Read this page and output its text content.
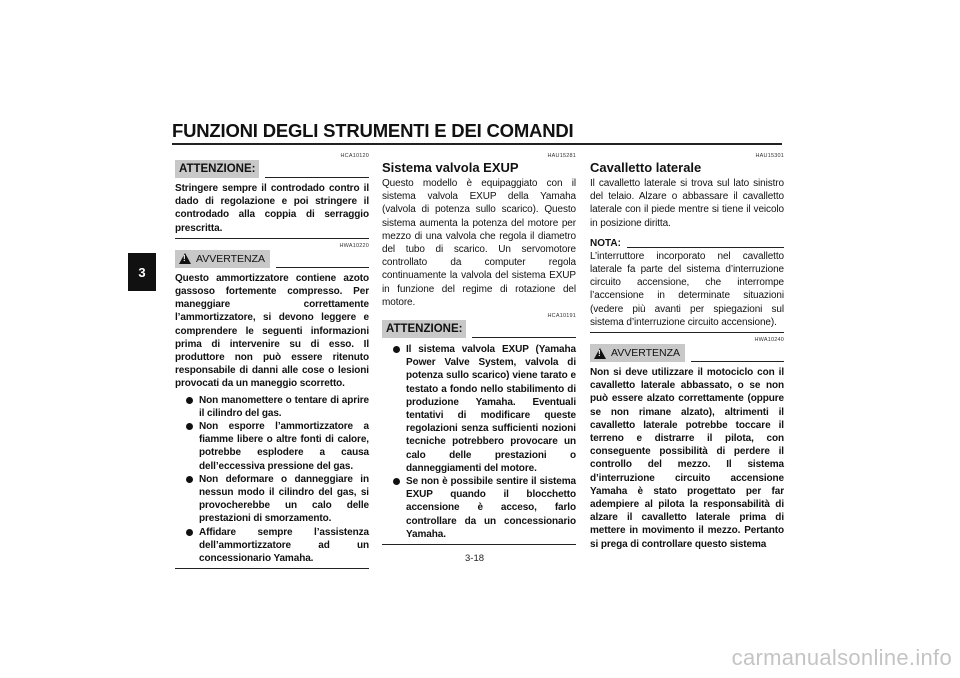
FUNZIONI DEGLI STRUMENTI E DEI COMANDI
3
HCA10120
ATTENZIONE:

Stringere sempre il controdado contro il dado di regolazione e poi stringere il controdado alla coppia di serraggio prescritta.

HWA10220
!
AVVERTENZA

Questo ammortizzatore contiene azoto gassoso fortemente compresso. Per maneggiare correttamente l’ammortizzatore, si devono leggere e comprendere le seguenti informazioni prima di intervenire su di esso. Il produttore non può essere ritenuto responsabile di danni alle cose o lesioni provocati da un maneggio scorretto.

Non manomettere o tentare di aprire il cilindro del gas.
Non esporre l’ammortizzatore a fiamme libere o altre fonti di calore, potrebbe esplodere a causa dell’eccessiva pressione del gas.
Non deformare o danneggiare in nessun modo il cilindro del gas, si provocherebbe un calo delle prestazioni di smorzamento.
Affidare sempre l’assistenza dell’ammortizzatore ad un concessionario Yamaha.
HAU15281
Sistema valvola EXUP

Questo modello è equipaggiato con il sistema valvola EXUP della Yamaha (valvola di potenza sullo scarico). Questo sistema aumenta la potenza del motore per mezzo di una valvola che regola il diametro del tubo di scarico. Un servomotore controllato da computer regola continuamente la valvola del sistema EXUP in funzione del regime di rotazione del motore.

HCA10191
ATTENZIONE:
Il sistema valvola EXUP (Yamaha Power Valve System, valvola di potenza sullo scarico) viene tarato e testato a fondo nello stabilimento di produzione Yamaha. Eventuali tentativi di modificare queste regolazioni senza sufficienti nozioni tecniche potrebbero provocare un calo delle prestazioni o danneggiamenti del motore.
Se non è possibile sentire il sistema EXUP quando il blocchetto accensione è acceso, farlo controllare da un concessionario Yamaha.
HAU15301
Cavalletto laterale

Il cavalletto laterale si trova sul lato sinistro del telaio. Alzare o abbassare il cavalletto laterale con il piede mentre si tiene il veicolo in posizione diritta.

NOTA:

L’interruttore incorporato nel cavalletto laterale fa parte del sistema d’interruzione circuito accensione, che interrompe l’accensione in determinate situazioni (vedere più avanti per spiegazioni sul sistema d’interruzione circuito accensione).

HWA10240
!
AVVERTENZA

Non si deve utilizzare il motociclo con il cavalletto laterale abbassato, o se non può essere alzato correttamente (oppure se non rimane alzato), altrimenti il cavalletto laterale potrebbe toccare il terreno e distrarre il pilota, con conseguente possibilità di perdere il controllo del mezzo. Il sistema d’interruzione circuito accensione Yamaha è stato progettato per far adempiere al pilota la responsabilità di alzare il cavalletto laterale prima di mettere in movimento il mezzo. Pertanto si prega di controllare questo sistema

3-18
carmanualsonline.info
